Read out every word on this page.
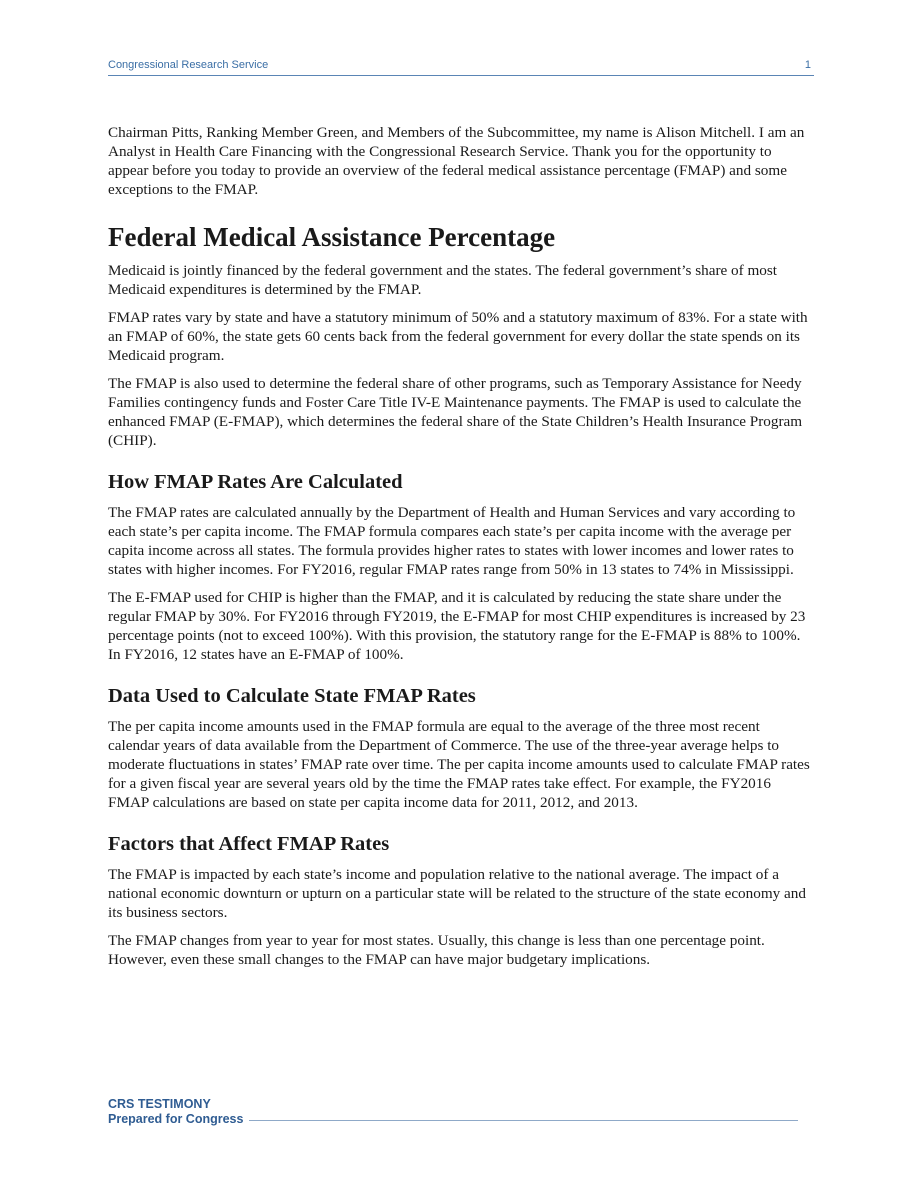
Congressional Research Service	1

Chairman Pitts, Ranking Member Green, and Members of the Subcommittee, my name is Alison Mitchell. I am an Analyst in Health Care Financing with the Congressional Research Service. Thank you for the opportunity to appear before you today to provide an overview of the federal medical assistance percentage (FMAP) and some exceptions to the FMAP.

Federal Medical Assistance Percentage

Medicaid is jointly financed by the federal government and the states. The federal government’s share of most Medicaid expenditures is determined by the FMAP.

FMAP rates vary by state and have a statutory minimum of 50% and a statutory maximum of 83%. For a state with an FMAP of 60%, the state gets 60 cents back from the federal government for every dollar the state spends on its Medicaid program.

The FMAP is also used to determine the federal share of other programs, such as Temporary Assistance for Needy Families contingency funds and Foster Care Title IV-E Maintenance payments. The FMAP is used to calculate the enhanced FMAP (E-FMAP), which determines the federal share of the State Children’s Health Insurance Program (CHIP).

How FMAP Rates Are Calculated

The FMAP rates are calculated annually by the Department of Health and Human Services and vary according to each state’s per capita income. The FMAP formula compares each state’s per capita income with the average per capita income across all states. The formula provides higher rates to states with lower incomes and lower rates to states with higher incomes. For FY2016, regular FMAP rates range from 50% in 13 states to 74% in Mississippi.

The E-FMAP used for CHIP is higher than the FMAP, and it is calculated by reducing the state share under the regular FMAP by 30%. For FY2016 through FY2019, the E-FMAP for most CHIP expenditures is increased by 23 percentage points (not to exceed 100%). With this provision, the statutory range for the E-FMAP is 88% to 100%. In FY2016, 12 states have an E-FMAP of 100%.

Data Used to Calculate State FMAP Rates

The per capita income amounts used in the FMAP formula are equal to the average of the three most recent calendar years of data available from the Department of Commerce. The use of the three-year average helps to moderate fluctuations in states’ FMAP rate over time. The per capita income amounts used to calculate FMAP rates for a given fiscal year are several years old by the time the FMAP rates take effect. For example, the FY2016 FMAP calculations are based on state per capita income data for 2011, 2012, and 2013.

Factors that Affect FMAP Rates

The FMAP is impacted by each state’s income and population relative to the national average. The impact of a national economic downturn or upturn on a particular state will be related to the structure of the state economy and its business sectors.

The FMAP changes from year to year for most states. Usually, this change is less than one percentage point. However, even these small changes to the FMAP can have major budgetary implications.

CRS TESTIMONY
Prepared for Congress
